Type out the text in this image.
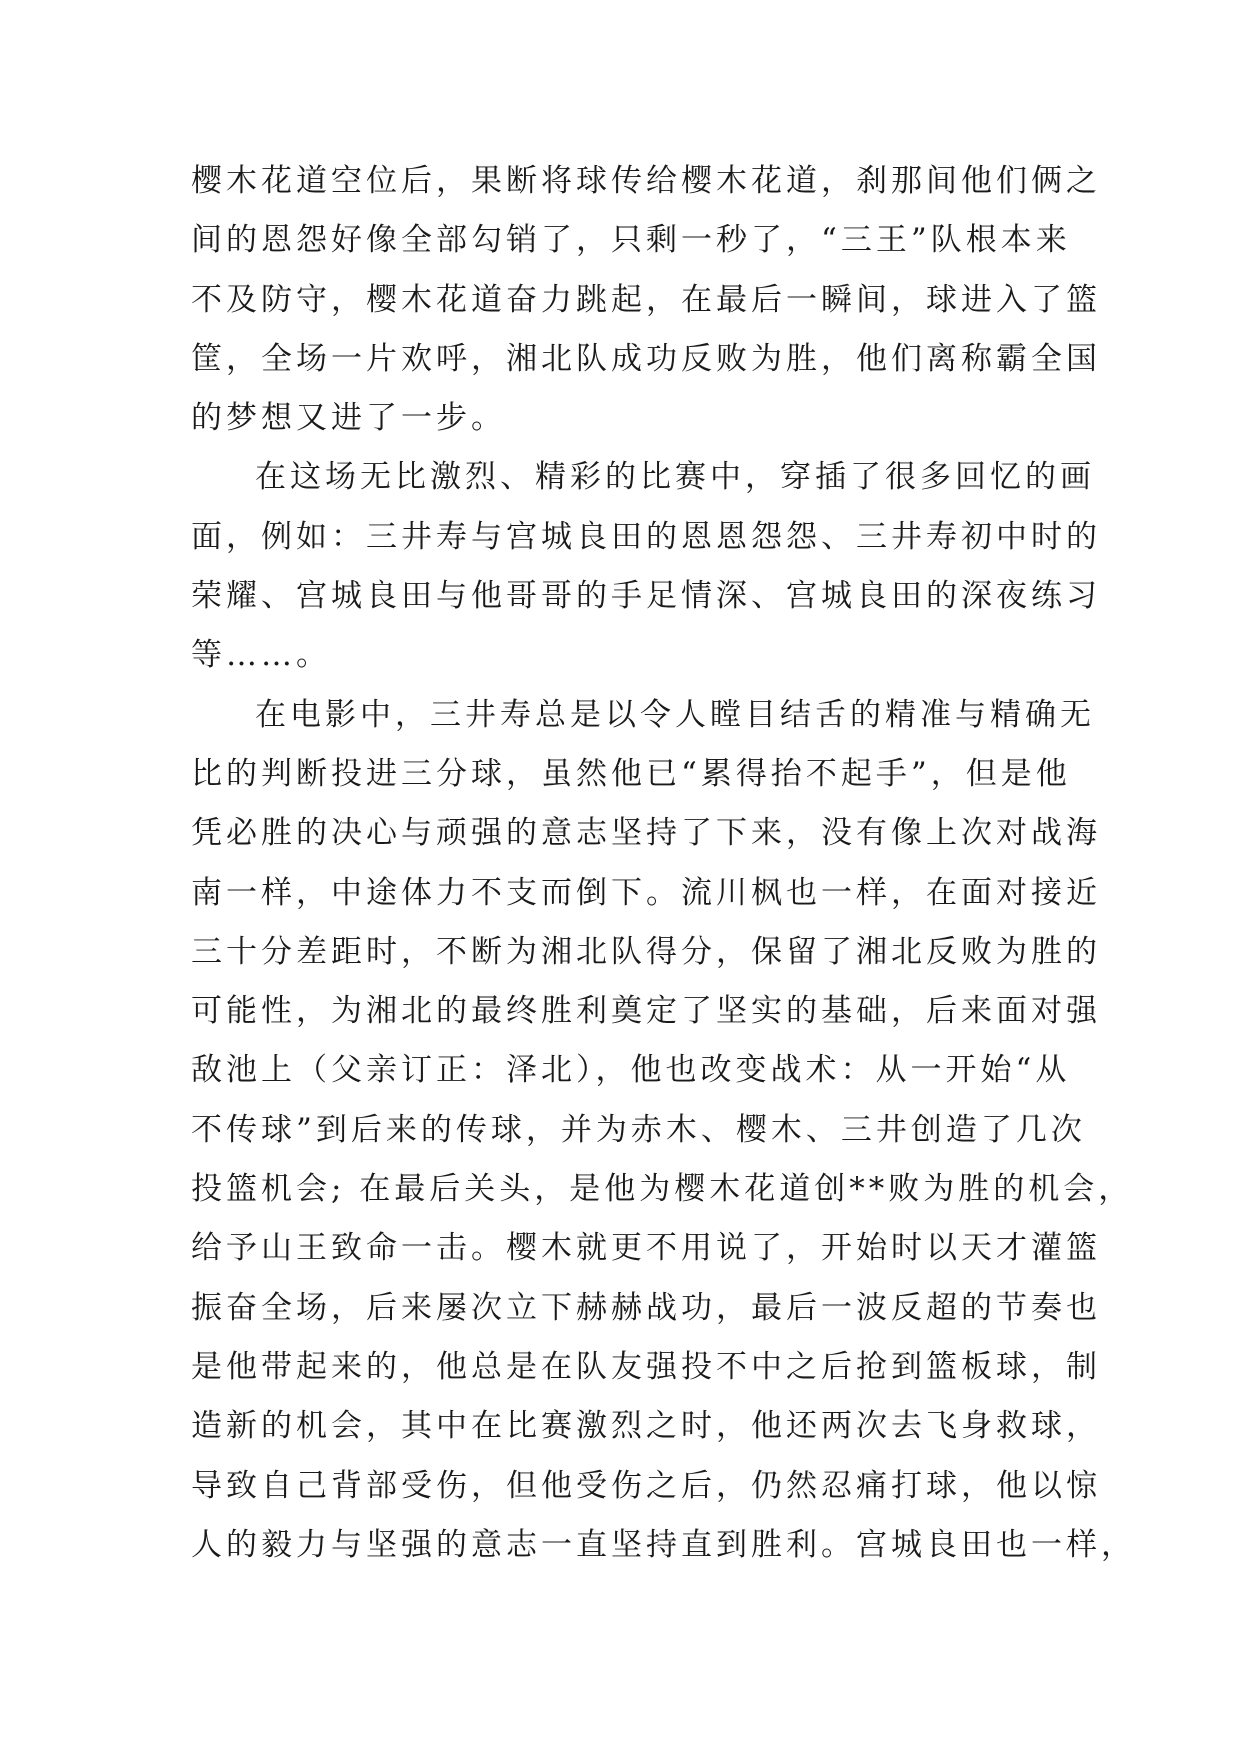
樱木花道空位后，果断将球传给樱木花道，刹那间他们俩之
间的恩怨好像全部勾销了，只剩一秒了，“三王”队根本来
不及防守，樱木花道奋力跳起，在最后一瞬间，球进入了篮
筐，全场一片欢呼，湘北队成功反败为胜，他们离称霸全国
的梦想又进了一步。
在这场无比激烈、精彩的比赛中，穿插了很多回忆的画
面，例如：三井寿与宫城良田的恩恩怨怨、三井寿初中时的
荣耀、宫城良田与他哥哥的手足情深、宫城良田的深夜练习
等……。
在电影中，三井寿总是以令人瞠目结舌的精准与精确无
比的判断投进三分球，虽然他已“累得抬不起手”，但是他
凭必胜的决心与顽强的意志坚持了下来，没有像上次对战海
南一样，中途体力不支而倒下。流川枫也一样，在面对接近
三十分差距时，不断为湘北队得分，保留了湘北反败为胜的
可能性，为湘北的最终胜利奠定了坚实的基础，后来面对强
敌池上（父亲订正：泽北），他也改变战术：从一开始“从
不传球”到后来的传球，并为赤木、樱木、三井创造了几次
投篮机会; 在最后关头，是他为樱木花道创**败为胜的机会，
给予山王致命一击。樱木就更不用说了，开始时以天才灌篮
振奋全场，后来屡次立下赫赫战功，最后一波反超的节奏也
是他带起来的，他总是在队友强投不中之后抢到篮板球，制
造新的机会，其中在比赛激烈之时，他还两次去飞身救球，
导致自己背部受伤，但他受伤之后，仍然忍痛打球，他以惊
人的毅力与坚强的意志一直坚持直到胜利。宫城良田也一样，
